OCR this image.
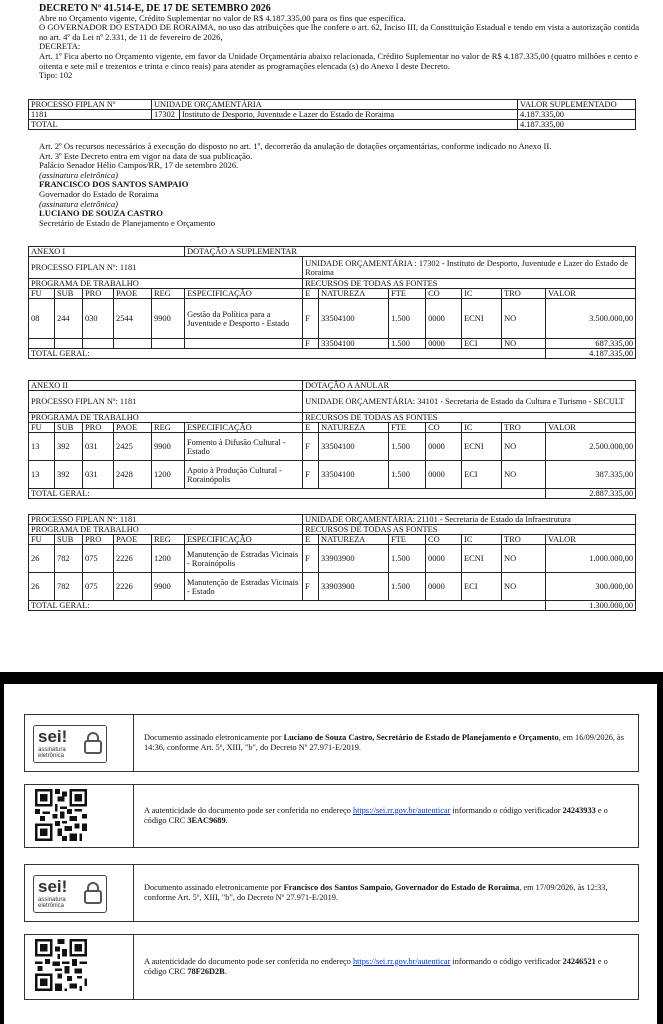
DECRETO Nº 41.514-E, DE 17 DE SETEMBRO 2026

Abre no Orçamento vigente, Crédito Suplementar no valor de R$ 4.187.335,00 para os fins que especifica.

O GOVERNADOR DO ESTADO DE RORAIMA, no uso das atribuições que lhe confere o art. 62, Inciso III, da Constituição Estadual e tendo em vista a autorização contida no art. 4º da Lei nº 2.331, de 11 de fevereiro de 2026,

DECRETA:

Art. 1º Fica aberto no Orçamento vigente, em favor da Unidade Orçamentária abaixo relacionada, Crédito Suplementar no valor de R$ 4.187.335,00 (quatro milhões e cento e oitenta e sete mil e trezentos e trinta e cinco reais) para atender as programações elencada (s) do Anexo I deste Decreto.

Tipo: 102

PROCESSO FIPLAN Nº	UNIDADE ORÇAMENTÁRIA		VALOR SUPLEMENTADO
1181	17302	Instituto de Desporto, Juventude e Lazer do Estado de Roraima	4.187.335,00
TOTAL			4.187.335,00

Art. 2º Os recursos necessários à execução do disposto no art. 1º, decorrerão da anulação de dotações orçamentárias, conforme indicado no Anexo II.

Art. 3º Este Decreto entra em vigor na data de sua publicação.

Palácio Senador Hélio Campos/RR, 17 de setembro 2026.

(assinatura eletrônica)

FRANCISCO DOS SANTOS SAMPAIO

Governador do Estado de Roraima

(assinatura eletrônica)

LUCIANO DE SOUZA CASTRO

Secretário de Estado de Planejamento e Orçamento

ANEXO I					DOTAÇÃO A SUPLEMENTAR							
PROCESSO FIPLAN Nº: 1181						UNIDADE ORÇAMENTÁRIA : 17302 - Instituto de Desporto, Juventude e Lazer do Estado de Roraima						
PROGRAMA DE TRABALHO						RECURSOS DE TODAS AS FONTES						
FU	SUB	PRO	PAOE	REG	ESPECIFICAÇÃO	E	NATUREZA	FTE	CO	IC	TRO	VALOR
08	244	030	2544	9900	Gestão da Política para a Juventude e Desporto - Estado	F	33504100	1.500	0000	ECNI	NO	3.500.000,00
						F	33504100	1.500	0000	ECI	NO	687.335,00
TOTAL GERAL:												4.187.335,00
ANEXO II						DOTAÇÃO A ANULAR						
PROCESSO FIPLAN Nº: 1181						UNIDADE ORÇAMENTÁRIA: 34101 - Secretaria de Estado da Cultura e Turismo - SECULT						
PROGRAMA DE TRABALHO						RECURSOS DE TODAS AS FONTES						
FU	SUB	PRO	PAOE	REG	ESPECIFICAÇÃO	E	NATUREZA	FTE	CO	IC	TRO	VALOR
13	392	031	2425	9900	Fomento à Difusão Cultural - Estado	F	33504100	1.500	0000	ECNI	NO	2.500.000,00
13	392	031	2428	1200	Apoio à Produção Cultural - Rorainópolis	F	33504100	1.500	0000	ECI	NO	387.335,00
TOTAL GERAL:												2.887.335,00
PROCESSO FIPLAN Nº: 1181						UNIDADE ORÇAMENTÁRIA: 21101 - Secretaria de Estado da Infraestrutura						
PROGRAMA DE TRABALHO						RECURSOS DE TODAS AS FONTES						
FU	SUB	PRO	PAOE	REG	ESPECIFICAÇÃO	E	NATUREZA	FTE	CO	IC	TRO	VALOR
26	782	075	2226	1200	Manutenção de Estradas Vicinais - Rorainópolis	F	33903900	1.500	0000	ECNI	NO	1.000.000,00
26	782	075	2226	9900	Manutenção de Estradas Vicinais - Estado	F	33903900	1.500	0000	ECI	NO	300.000,00
TOTAL GERAL:												1.300.000,00
sei!
assinatura eletrônica
Documento assinado eletronicamente por Luciano de Souza Castro, Secretário de Estado de Planejamento e Orçamento, em 16/09/2026, às 14:36, conforme Art. 5º, XIII, "b", do Decreto Nº 27.971-E/2019.
A autenticidade do documento pode ser conferida no endereço https://sei.rr.gov.br/autenticar informando o código verificador 24243933 e o código CRC 3EAC9689.
sei!
assinatura eletrônica
Documento assinado eletronicamente por Francisco dos Santos Sampaio, Governador do Estado de Roraima, em 17/09/2026, às 12:33, conforme Art. 5º, XIII, "b", do Decreto Nº 27.971-E/2019.
A autenticidade do documento pode ser conferida no endereço https://sei.rr.gov.br/autenticar informando o código verificador 24246521 e o código CRC 78F26D2B.
